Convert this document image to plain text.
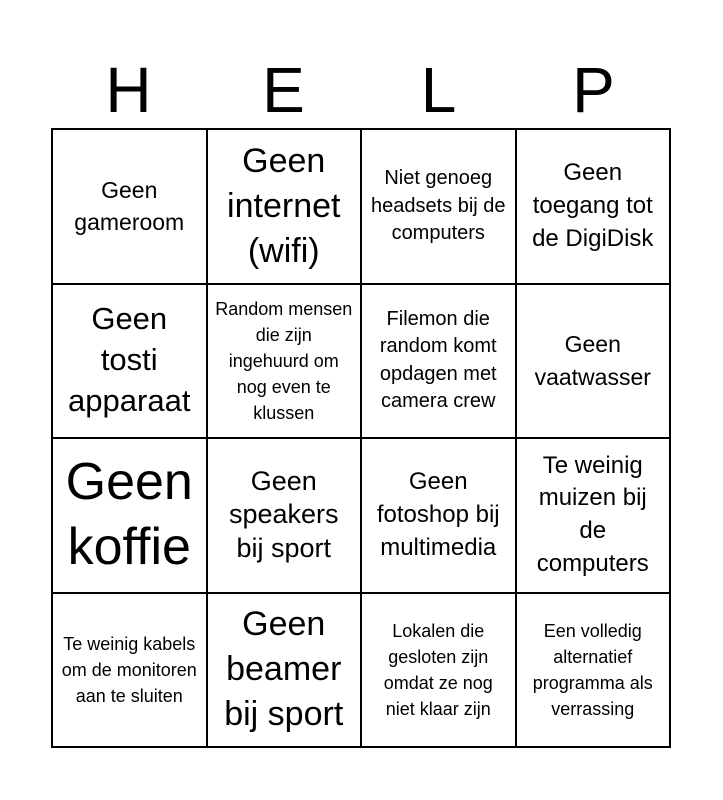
H	E	L	P
Geen gameroom
Geen internet (wifi)
Niet genoeg headsets bij de computers
Geen toegang tot de DigiDisk
Geen tosti apparaat
Random mensen die zijn ingehuurd om nog even te klussen
Filemon die random komt opdagen met camera crew
Geen vaatwasser
Geen koffie
Geen speakers bij sport
Geen fotoshop bij multimedia
Te weinig muizen bij de computers
Te weinig kabels om de monitoren aan te sluiten
Geen beamer bij sport
Lokalen die gesloten zijn omdat ze nog niet klaar zijn
Een volledig alternatief programma als verrassing
